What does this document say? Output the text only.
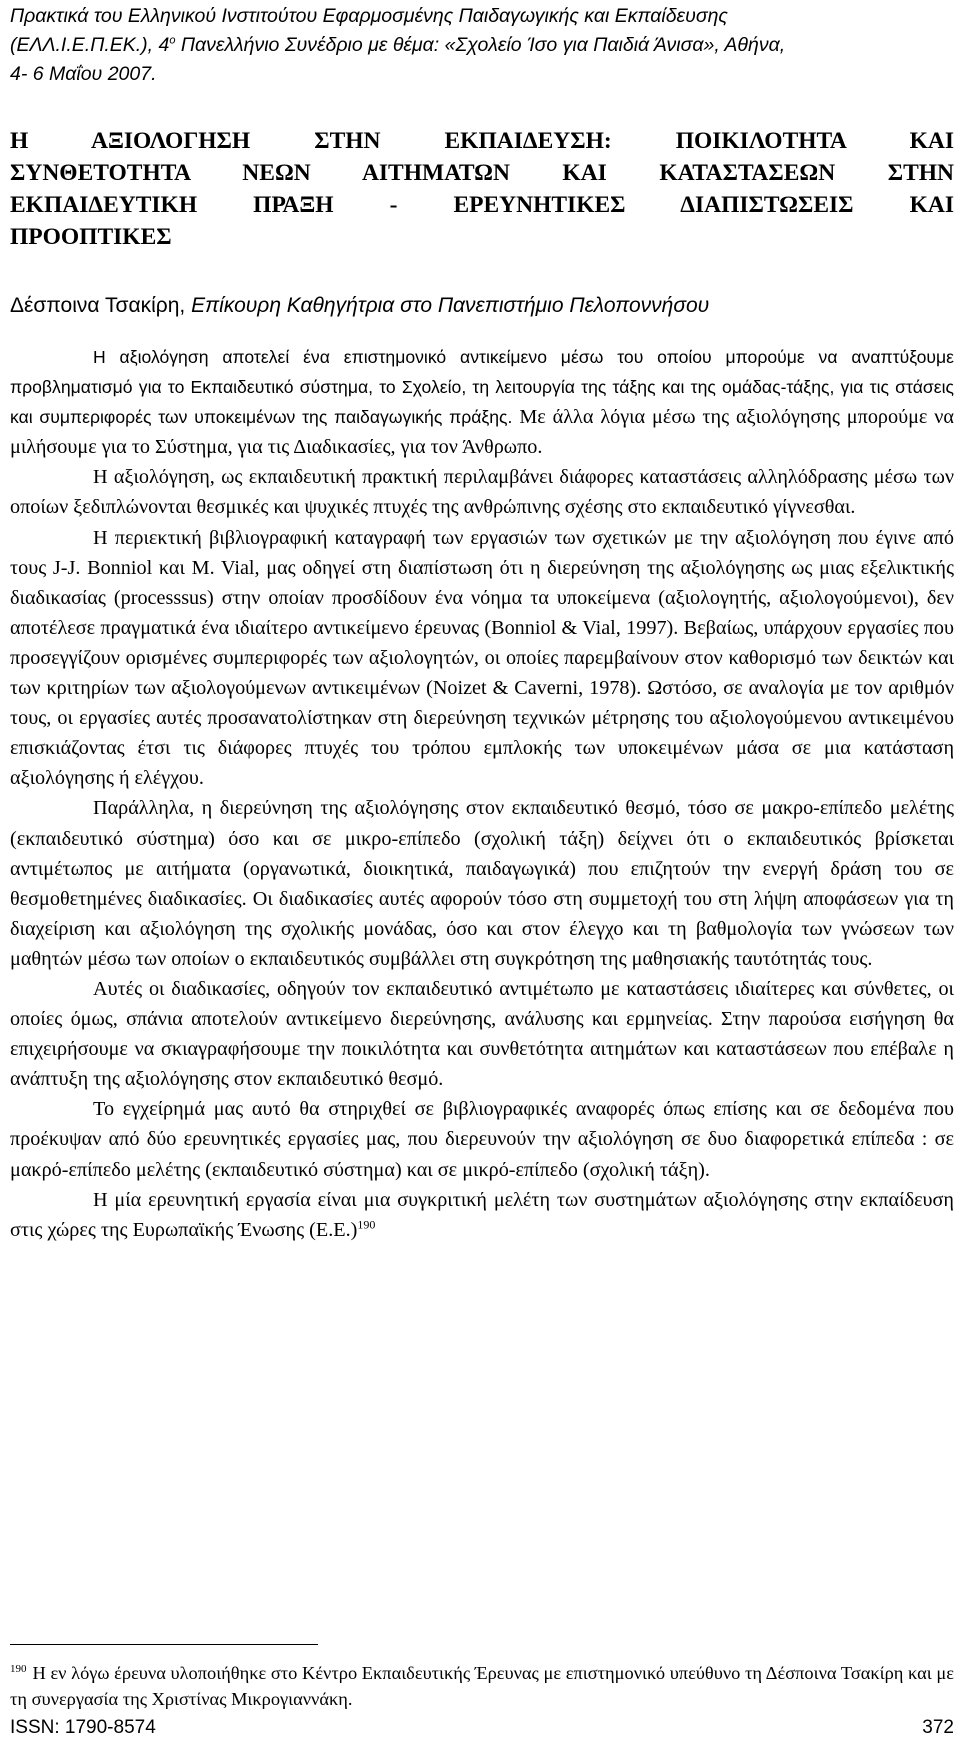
Πρακτικά του Ελληνικού Ινστιτούτου Εφαρμοσμένης Παιδαγωγικής και Εκπαίδευσης
(ΕΛΛ.Ι.Ε.Π.ΕΚ.), $4^o$ Πανελλήνιο Συνέδριο με θέμα: «Σχολείο Ίσο για Παιδιά Άνισα», Αθήνα,
4- 6 Μαΐου 2007.
Η ΑΞΙΟΛΟΓΗΣΗ ΣΤΗΝ ΕΚΠΑΙΔΕΥΣΗ: ΠΟΙΚΙΛΟΤΗΤΑ ΚΑΙ
ΣΥΝΘΕΤΟΤΗΤΑ ΝΕΩΝ ΑΙΤΗΜΑΤΩΝ ΚΑΙ ΚΑΤΑΣΤΑΣΕΩΝ ΣΤΗΝ
ΕΚΠΑΙΔΕΥΤΙΚΗ ΠΡΑΞΗ - ΕΡΕΥΝΗΤΙΚΕΣ ΔΙΑΠΙΣΤΩΣΕΙΣ ΚΑΙ
ΠΡΟΟΠΤΙΚΕΣ
Δέσποινα Τσακίρη, Επίκουρη Καθηγήτρια στο Πανεπιστήμιο Πελοποννήσου

Η αξιολόγηση αποτελεί ένα επιστημονικό αντικείμενο μέσω του οποίου μπορούμε να αναπτύξουμε προβληματισμό για το Εκπαιδευτικό σύστημα, το Σχολείο, τη λειτουργία της τάξης και της ομάδας-τάξης, για τις στάσεις και συμπεριφορές των υποκειμένων της παιδαγωγικής πράξης. Με άλλα λόγια μέσω της αξιολόγησης μπορούμε να μιλήσουμε για το Σύστημα, για τις Διαδικασίες, για τον Άνθρωπο.

Η αξιολόγηση, ως εκπαιδευτική πρακτική περιλαμβάνει διάφορες καταστάσεις αλληλόδρασης μέσω των οποίων ξεδιπλώνονται θεσμικές και ψυχικές πτυχές της ανθρώπινης σχέσης στο εκπαιδευτικό γίγνεσθαι.

Η περιεκτική βιβλιογραφική καταγραφή των εργασιών των σχετικών με την αξιολόγηση που έγινε από τους J-J. Bonniol και M. Vial, μας οδηγεί στη διαπίστωση ότι η διερεύνηση της αξιολόγησης ως μιας εξελικτικής διαδικασίας (processsus) στην οποίαν προσδίδουν ένα νόημα τα υποκείμενα (αξιολογητής, αξιολογούμενοι), δεν αποτέλεσε πραγματικά ένα ιδιαίτερο αντικείμενο έρευνας (Bonniol & Vial, 1997). Βεβαίως, υπάρχουν εργασίες που προσεγγίζουν ορισμένες συμπεριφορές των αξιολογητών, οι οποίες παρεμβαίνουν στον καθορισμό των δεικτών και των κριτηρίων των αξιολογούμενων αντικειμένων (Noizet & Caverni, 1978). Ωστόσο, σε αναλογία με τον αριθμόν τους, οι εργασίες αυτές προσανατολίστηκαν στη διερεύνηση τεχνικών μέτρησης του αξιολογούμενου αντικειμένου επισκιάζοντας έτσι τις διάφορες πτυχές του τρόπου εμπλοκής των υποκειμένων μάσα σε μια κατάσταση αξιολόγησης ή ελέγχου.

Παράλληλα, η διερεύνηση της αξιολόγησης στον εκπαιδευτικό θεσμό, τόσο σε μακρο-επίπεδο μελέτης (εκπαιδευτικό σύστημα) όσο και σε μικρο-επίπεδο (σχολική τάξη) δείχνει ότι ο εκπαιδευτικός βρίσκεται αντιμέτωπος με αιτήματα (οργανωτικά, διοικητικά, παιδαγωγικά) που επιζητούν την ενεργή δράση του σε θεσμοθετημένες διαδικασίες. Οι διαδικασίες αυτές αφορούν τόσο στη συμμετοχή του στη λήψη αποφάσεων για τη διαχείριση και αξιολόγηση της σχολικής μονάδας, όσο και στον έλεγχο και τη βαθμολογία των γνώσεων των μαθητών μέσω των οποίων ο εκπαιδευτικός συμβάλλει στη συγκρότηση της μαθησιακής ταυτότητάς τους.

Αυτές οι διαδικασίες, οδηγούν τον εκπαιδευτικό αντιμέτωπο με καταστάσεις ιδιαίτερες και σύνθετες, οι οποίες όμως, σπάνια αποτελούν αντικείμενο διερεύνησης, ανάλυσης και ερμηνείας. Στην παρούσα εισήγηση θα επιχειρήσουμε να σκιαγραφήσουμε την ποικιλότητα και συνθετότητα αιτημάτων και καταστάσεων που επέβαλε η ανάπτυξη της αξιολόγησης στον εκπαιδευτικό θεσμό.

Το εγχείρημά μας αυτό θα στηριχθεί σε βιβλιογραφικές αναφορές όπως επίσης και σε δεδομένα που προέκυψαν από δύο ερευνητικές εργασίες μας, που διερευνούν την αξιολόγηση σε δυο διαφορετικά επίπεδα : σε μακρό-επίπεδο μελέτης (εκπαιδευτικό σύστημα) και σε μικρό-επίπεδο (σχολική τάξη).

Η μία ερευνητική εργασία είναι μια συγκριτική μελέτη των συστημάτων αξιολόγησης στην εκπαίδευση στις χώρες της Ευρωπαϊκής Ένωσης $(E.E.)^{190}$

$^{190}$ Η εν λόγω έρευνα υλοποιήθηκε στο Κέντρο Εκπαιδευτικής Έρευνας με επιστημονικό υπεύθυνο τη Δέσποινα Τσακίρη και με τη συνεργασία της Χριστίνας Μικρογιαννάκη.
ISSN: 1790-8574	372
